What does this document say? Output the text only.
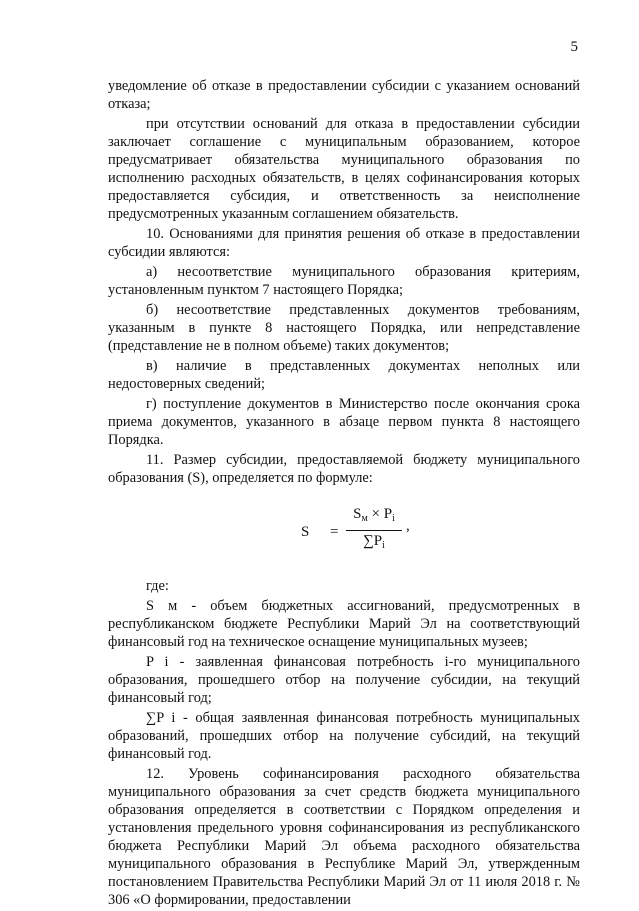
5

уведомление об отказе в предоставлении субсидии с указанием оснований отказа;

при отсутствии оснований для отказа в предоставлении субсидии заключает соглашение с муниципальным образованием, которое предусматривает обязательства муниципального образования по исполнению расходных обязательств, в целях софинансирования которых предоставляется субсидия, и ответственность за неисполнение предусмотренных указанным соглашением обязательств.

10. Основаниями для принятия решения об отказе в предоставлении субсидии являются:

а) несоответствие муниципального образования критериям, установленным пунктом 7 настоящего Порядка;

б) несоответствие представленных документов требованиям, указанным в пункте 8 настоящего Порядка, или непредставление (представление не в полном объеме) таких документов;

в) наличие в представленных документах неполных или недостоверных сведений;

г) поступление документов в Министерство после окончания срока приема документов, указанного в абзаце первом пункта 8 настоящего Порядка.

11. Размер субсидии, предоставляемой бюджету муниципального образования (S), определяется по формуле:

S =
$S_м \times P_i$
$\sum P_i$
,

где:

S м - объем бюджетных ассигнований, предусмотренных в республиканском бюджете Республики Марий Эл на соответствующий финансовый год на техническое оснащение муниципальных музеев;

P i - заявленная финансовая потребность i-го муниципального образования, прошедшего отбор на получение субсидии, на текущий финансовый год;

∑P i - общая заявленная финансовая потребность муниципальных образований, прошедших отбор на получение субсидий, на текущий финансовый год.

12. Уровень софинансирования расходного обязательства муниципального образования за счет средств бюджета муниципального образования определяется в соответствии с Порядком определения и установления предельного уровня софинансирования из республиканского бюджета Республики Марий Эл объема расходного обязательства муниципального образования в Республике Марий Эл, утвержденным постановлением Правительства Республики Марий Эл от 11 июля 2018 г. № 306 «О формировании, предоставлении
